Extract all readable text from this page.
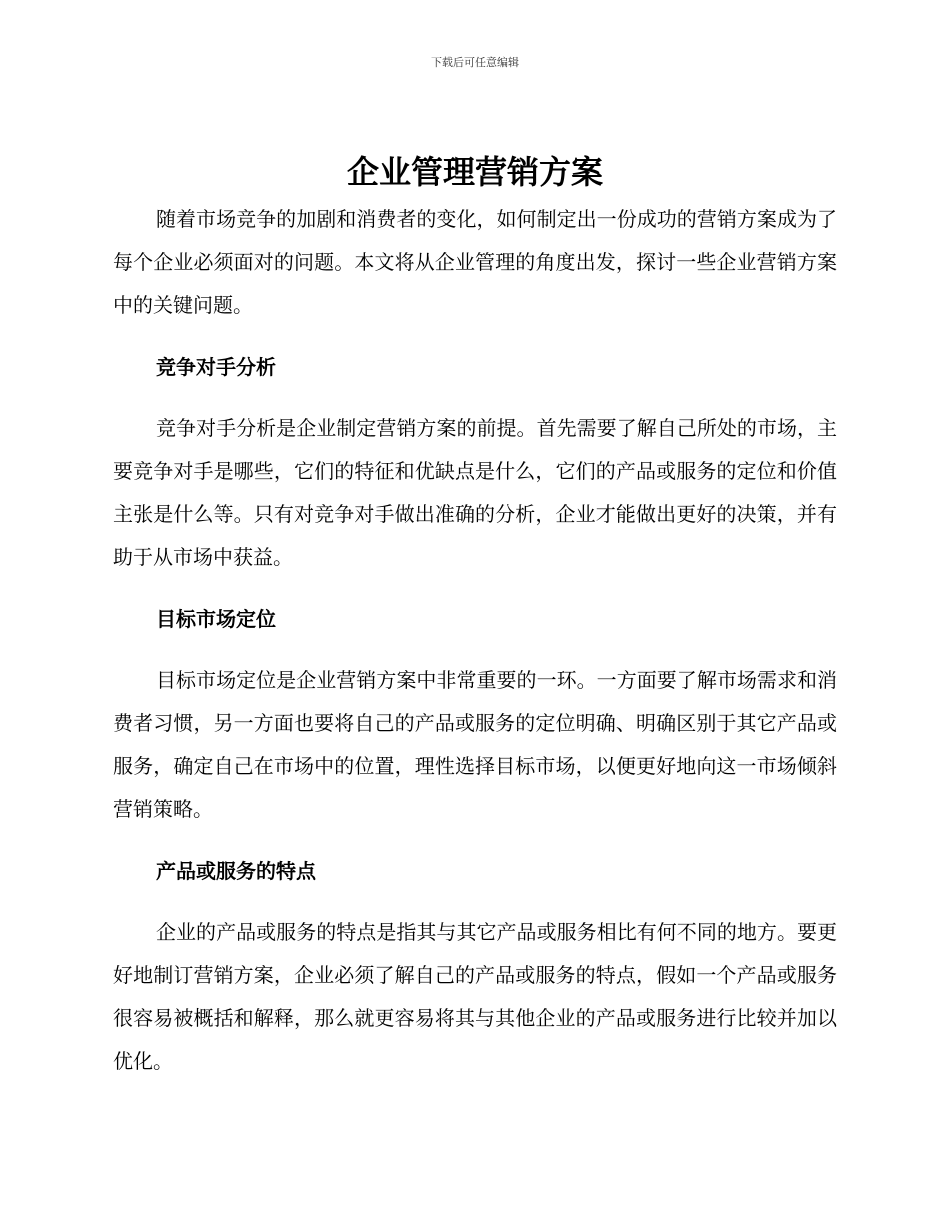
下载后可任意编辑
企业管理营销方案

随着市场竞争的加剧和消费者的变化，如何制定出一份成功的营销方案成为了每个企业必须面对的问题。本文将从企业管理的角度出发，探讨一些企业营销方案中的关键问题。

竞争对手分析

竞争对手分析是企业制定营销方案的前提。首先需要了解自己所处的市场，主要竞争对手是哪些，它们的特征和优缺点是什么，它们的产品或服务的定位和价值主张是什么等。只有对竞争对手做出准确的分析，企业才能做出更好的决策，并有助于从市场中获益。

目标市场定位

目标市场定位是企业营销方案中非常重要的一环。一方面要了解市场需求和消费者习惯，另一方面也要将自己的产品或服务的定位明确、明确区别于其它产品或服务，确定自己在市场中的位置，理性选择目标市场，以便更好地向这一市场倾斜营销策略。

产品或服务的特点

企业的产品或服务的特点是指其与其它产品或服务相比有何不同的地方。要更好地制订营销方案，企业必须了解自己的产品或服务的特点，假如一个产品或服务很容易被概括和解释，那么就更容易将其与其他企业的产品或服务进行比较并加以优化。
